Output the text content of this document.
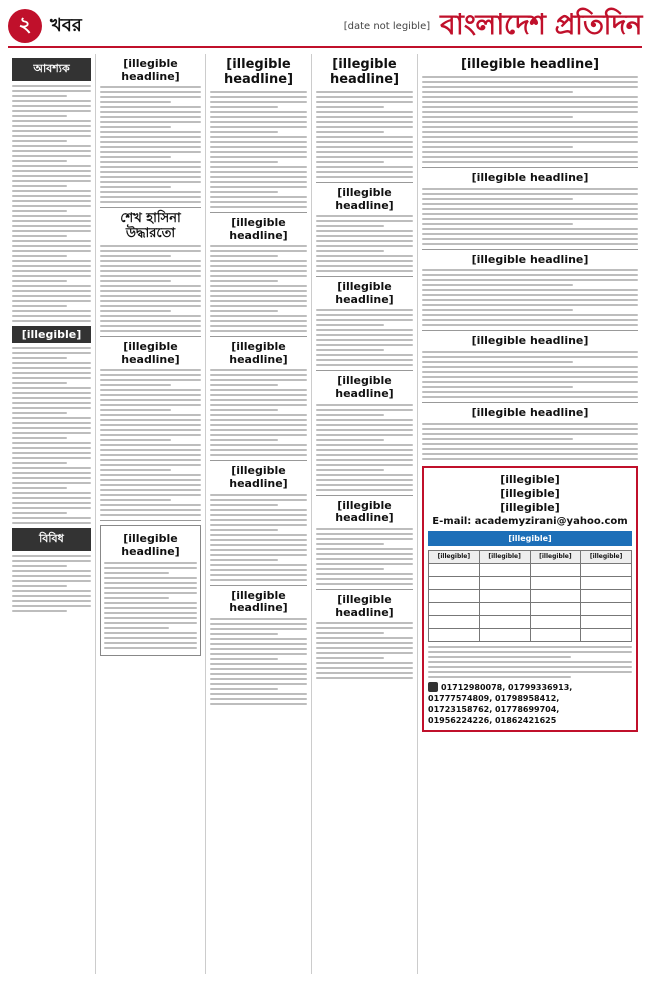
২	খবর	[date not legible] বাংলাদেশ প্রতিদিন
আবশ্যক
[illegible]
বিবিধ
[illegible headline]
শেখ হাসিনা উদ্ধারতো
[illegible headline]
[illegible headline]
[illegible headline]
[illegible headline]
[illegible headline]
[illegible headline]
[illegible headline]
[illegible headline]
[illegible headline]
[illegible headline]
[illegible headline]
[illegible headline]
[illegible headline]
[illegible headline]
[illegible headline]
[illegible headline]
[illegible headline]
[illegible headline]
[illegible]
[illegible]
[illegible]
E-mail: academyzirani@yahoo.com
[illegible]
[illegible]	[illegible]	[illegible]	[illegible]

01712980078, 01799336913,
01777574809, 01798958412,
01723158762, 01778699704,
01956224226, 01862421625
